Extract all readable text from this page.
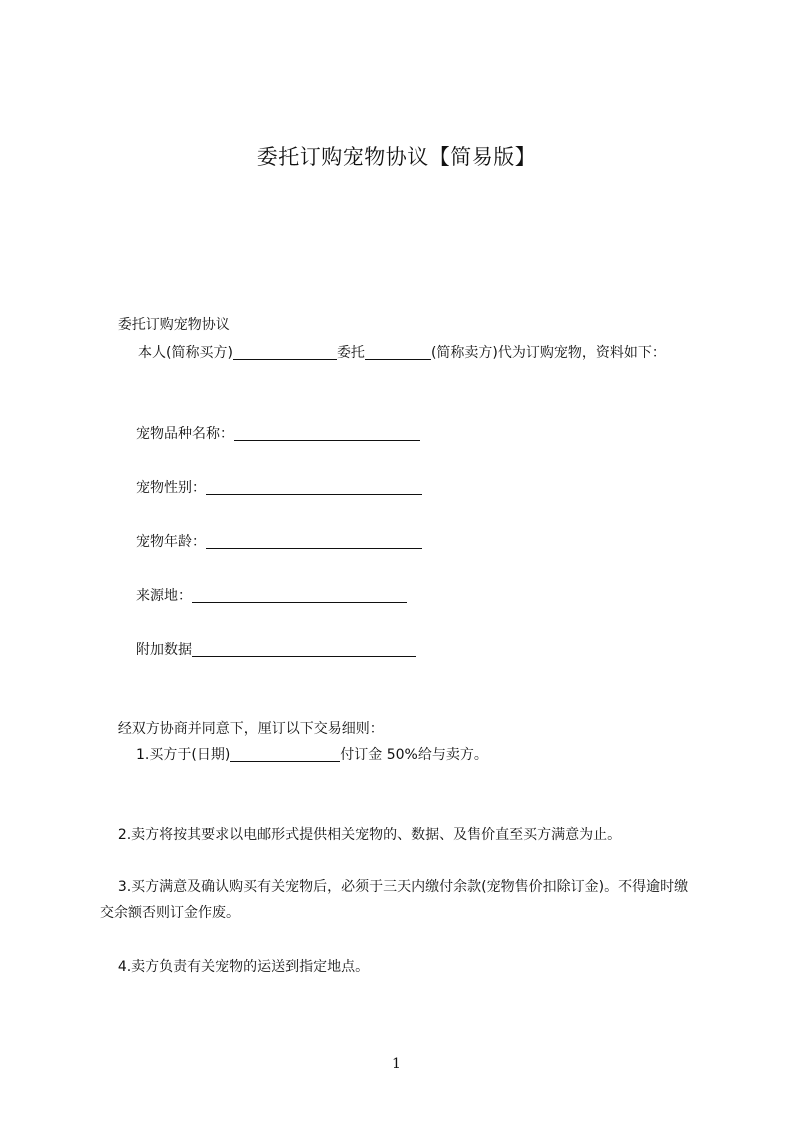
委托订购宠物协议【简易版】

委托订购宠物协议

本人(简称买方)	委托	(简称卖方)代为订购宠物，资料如下：
宠物品种名称：
宠物性别：
宠物年龄：
来源地：
附加数据

经双方协商并同意下，厘订以下交易细则：

1.买方于(日期)	付订金 50%给与卖方。

2.卖方将按其要求以电邮形式提供相关宠物的、数据、及售价直至买方满意为止。

3.买方满意及确认购买有关宠物后，必须于三天内缴付余款(宠物售价扣除订金)。不得逾时缴交余额否则订金作废。

4.卖方负责有关宠物的运送到指定地点。

1
